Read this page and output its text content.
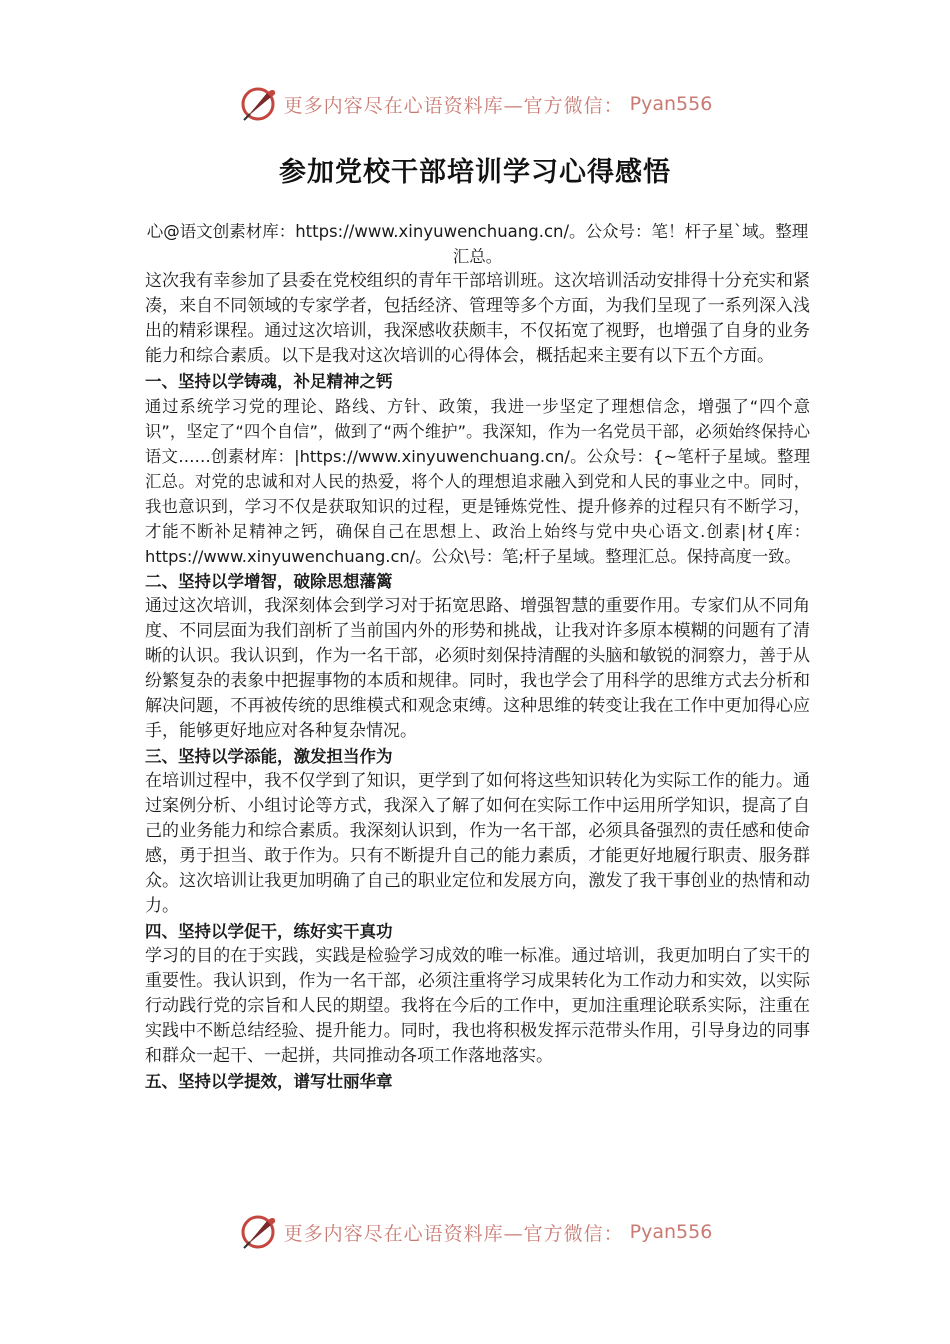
更多内容尽在心语资料库—官方微信： Pyan556
参加党校干部培训学习心得感悟

心@语文创素材库：https://www.xinyuwenchuang.cn/。公众号：笔！杆子星`域。整理汇总。

这次我有幸参加了县委在党校组织的青年干部培训班。这次培训活动安排得十分充实和紧凑，来自不同领域的专家学者，包括经济、管理等多个方面，为我们呈现了一系列深入浅出的精彩课程。通过这次培训，我深感收获颇丰，不仅拓宽了视野，也增强了自身的业务能力和综合素质。以下是我对这次培训的心得体会，概括起来主要有以下五个方面。

一、坚持以学铸魂，补足精神之钙

通过系统学习党的理论、路线、方针、政策，我进一步坚定了理想信念，增强了“四个意识”，坚定了“四个自信”，做到了“两个维护”。我深知，作为一名党员干部，必须始终保持心语文……创素材库：|https://www.xinyuwenchuang.cn/。公众号：{~笔杆子星域。整理汇总。对党的忠诚和对人民的热爱，将个人的理想追求融入到党和人民的事业之中。同时，我也意识到，学习不仅是获取知识的过程，更是锤炼党性、提升修养的过程只有不断学习，才能不断补足精神之钙，确保自己在思想上、政治上始终与党中央心语文.创素|材{库：https://www.xinyuwenchuang.cn/。公众\号：笔;杆子星域。整理汇总。保持高度一致。

二、坚持以学增智，破除思想藩篱

通过这次培训，我深刻体会到学习对于拓宽思路、增强智慧的重要作用。专家们从不同角度、不同层面为我们剖析了当前国内外的形势和挑战，让我对许多原本模糊的问题有了清晰的认识。我认识到，作为一名干部，必须时刻保持清醒的头脑和敏锐的洞察力，善于从纷繁复杂的表象中把握事物的本质和规律。同时，我也学会了用科学的思维方式去分析和解决问题，不再被传统的思维模式和观念束缚。这种思维的转变让我在工作中更加得心应手，能够更好地应对各种复杂情况。

三、坚持以学添能，激发担当作为

在培训过程中，我不仅学到了知识，更学到了如何将这些知识转化为实际工作的能力。通过案例分析、小组讨论等方式，我深入了解了如何在实际工作中运用所学知识，提高了自己的业务能力和综合素质。我深刻认识到，作为一名干部，必须具备强烈的责任感和使命感，勇于担当、敢于作为。只有不断提升自己的能力素质，才能更好地履行职责、服务群众。这次培训让我更加明确了自己的职业定位和发展方向，激发了我干事创业的热情和动力。

四、坚持以学促干，练好实干真功

学习的目的在于实践，实践是检验学习成效的唯一标准。通过培训，我更加明白了实干的重要性。我认识到，作为一名干部，必须注重将学习成果转化为工作动力和实效，以实际行动践行党的宗旨和人民的期望。我将在今后的工作中，更加注重理论联系实际，注重在实践中不断总结经验、提升能力。同时，我也将积极发挥示范带头作用，引导身边的同事和群众一起干、一起拼，共同推动各项工作落地落实。

五、坚持以学提效，谱写壮丽华章

更多内容尽在心语资料库—官方微信： Pyan556
